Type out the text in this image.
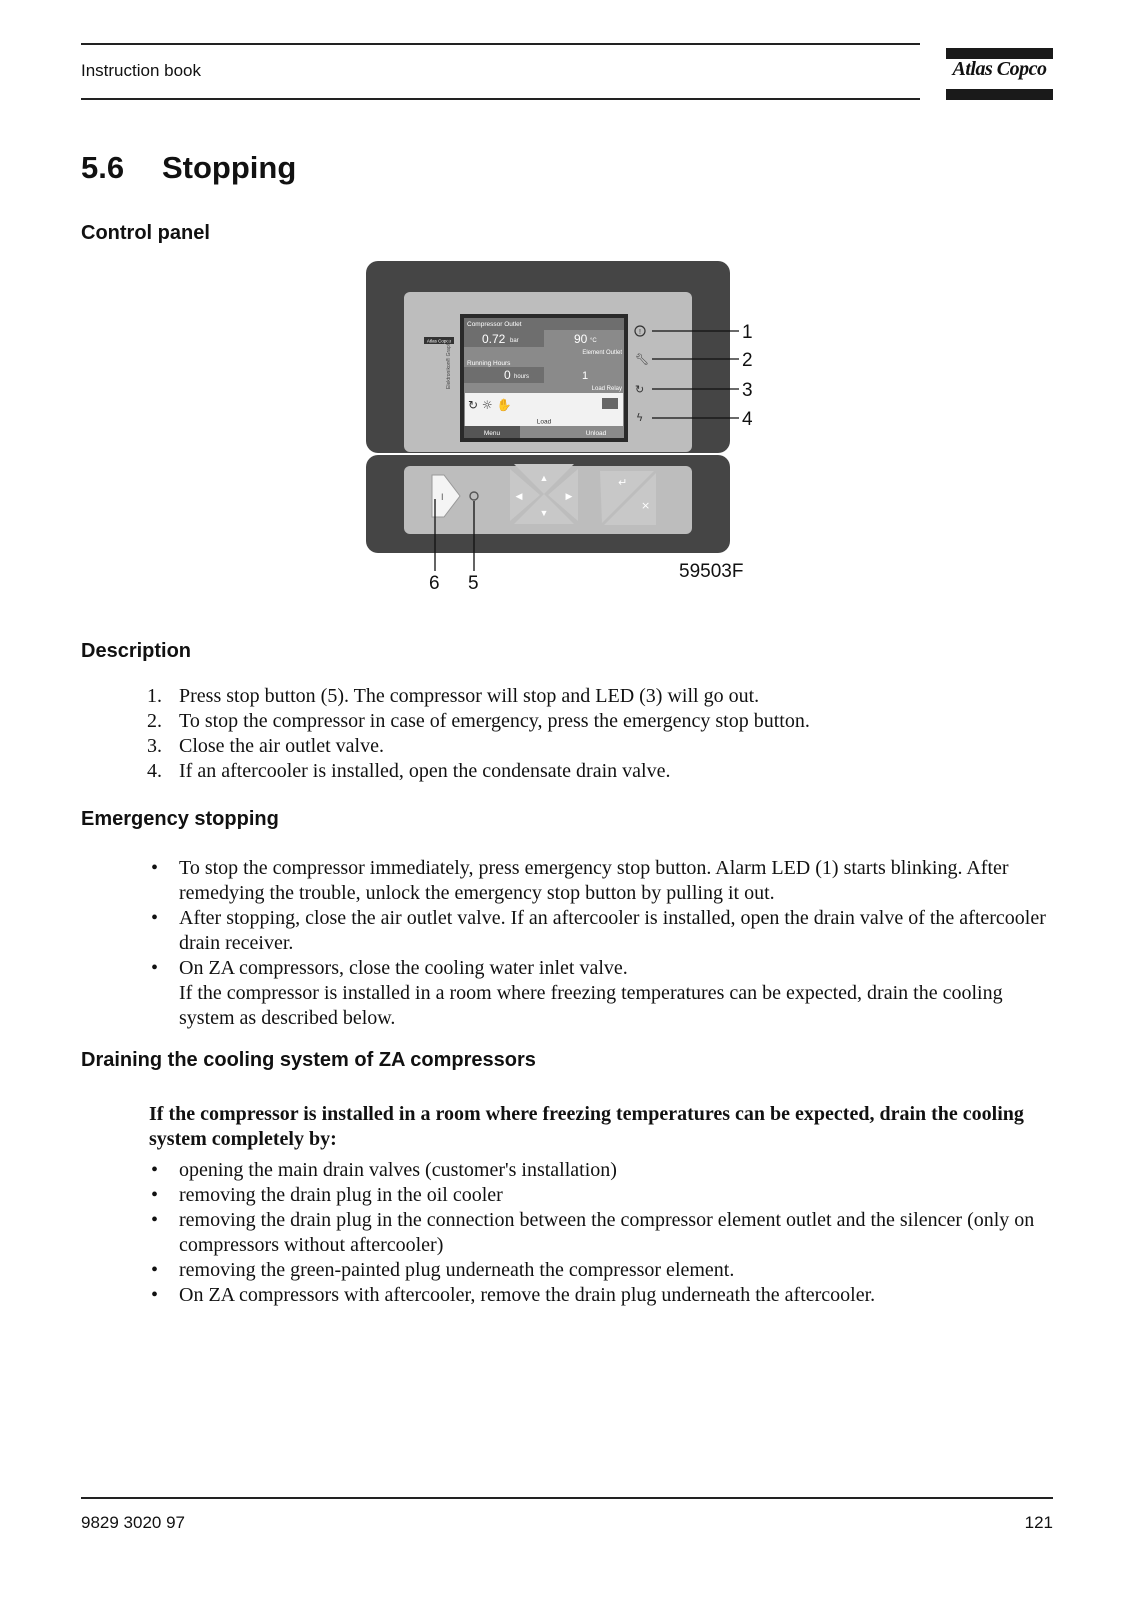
Instruction book	Atlas Copco
5.6 Stopping
Control panel
Atlas Copco
Elektronikon® Graphic
Compressor Outlet
0.72 bar	90 °C
Element Outlet
Running Hours
0 hours	1
Load Relay
↻ ☼ ✋
Load
Menu	Unload
!
🔧︎
↻
ϟ
1
2
3
4
I
▲
▼
◀	▶
↵
×
6 5
59503F
Description
1. Press stop button (5). The compressor will stop and LED (3) will go out.
2. To stop the compressor in case of emergency, press the emergency stop button.
3. Close the air outlet valve.
4. If an aftercooler is installed, open the condensate drain valve.
Emergency stopping
• To stop the compressor immediately, press emergency stop button. Alarm LED (1) starts blinking. After remedying the trouble, unlock the emergency stop button by pulling it out.
• After stopping, close the air outlet valve. If an aftercooler is installed, open the drain valve of the aftercooler drain receiver.
• On ZA compressors, close the cooling water inlet valve.
If the compressor is installed in a room where freezing temperatures can be expected, drain the cooling system as described below.
Draining the cooling system of ZA compressors
If the compressor is installed in a room where freezing temperatures can be expected, drain the cooling system completely by:
• opening the main drain valves (customer's installation)
• removing the drain plug in the oil cooler
• removing the drain plug in the connection between the compressor element outlet and the silencer (only on compressors without aftercooler)
• removing the green-painted plug underneath the compressor element.
• On ZA compressors with aftercooler, remove the drain plug underneath the aftercooler.
9829 3020 97	121
